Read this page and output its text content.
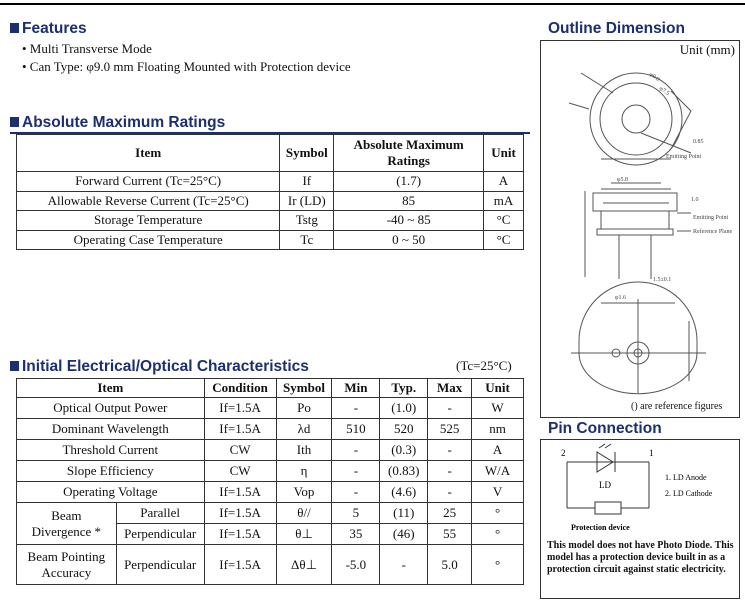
Features
• Multi Transverse Mode
• Can Type: φ9.0 mm Floating Mounted with Protection device
Absolute Maximum Ratings
Item	Symbol	Absolute Maximum Ratings	Unit
Forward Current (Tc=25°C)	If	(1.7)	A
Allowable Reverse Current (Tc=25°C)	Ir (LD)	85	mA
Storage Temperature	Tstg	-40 ~ 85	°C
Operating Case Temperature	Tc	0 ~ 50	°C
Initial Electrical/Optical Characteristics	(Tc=25°C)
Item		Condition	Symbol	Min	Typ.	Max	Unit
Optical Output Power		If=1.5A	Po	-	(1.0)	-	W
Dominant Wavelength		If=1.5A	λd	510	520	525	nm
Threshold Current		CW	Ith	-	(0.3)	-	A
Slope Efficiency		CW	η	-	(0.83)	-	W/A
Operating Voltage		If=1.5A	Vop	-	(4.6)	-	V
Beam Divergence *	Parallel	If=1.5A	θ//	5	(11)	25	°
	Perpendicular	If=1.5A	θ⊥	35	(46)	55	°
Beam Pointing Accuracy	Perpendicular	If=1.5A	Δθ⊥	-5.0	-	5.0	°
Outline Dimension
Unit (mm)
φ9.0
φ7.5
0.85
Emitting Point
φ5.8
Emitting Point
Reference Plane
1.0
φ1.6
1.5±0.1
() are reference figures
Pin Connection
2	1
LD
1. LD Anode
2. LD Cathode
Protection device
This model does not have Photo Diode. This model has a protection device built in as a protection circuit against static electricity.
